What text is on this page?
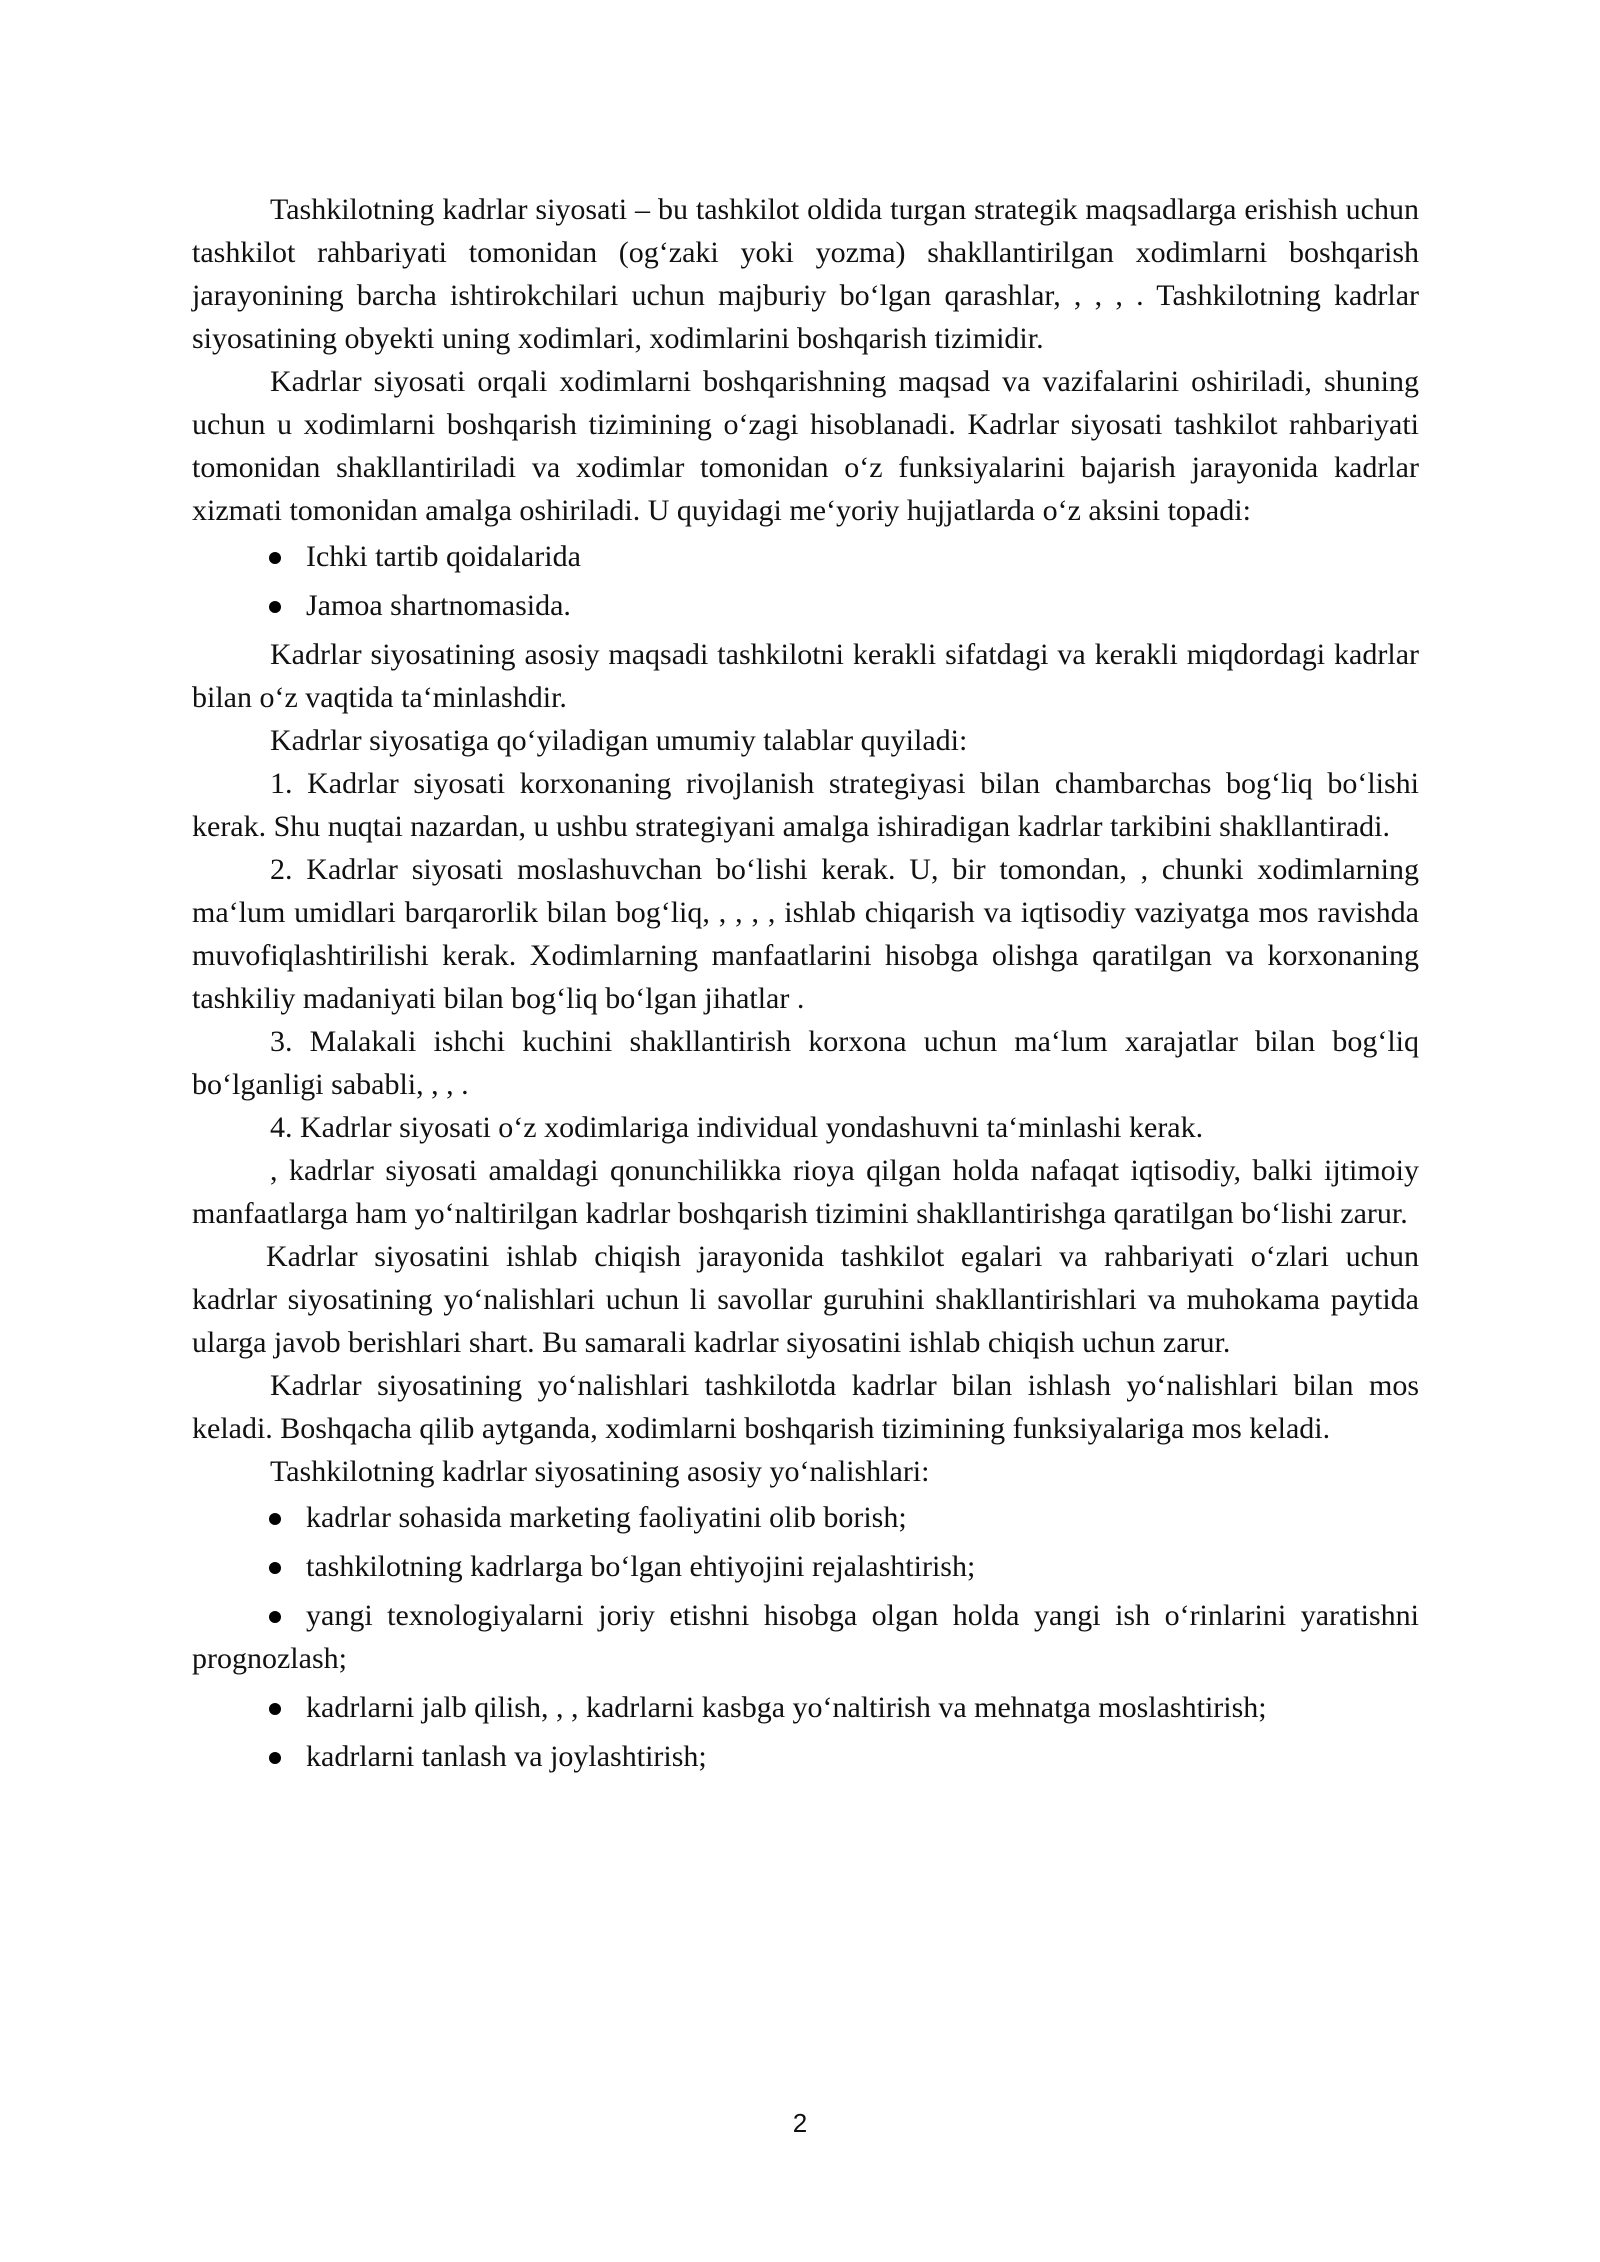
Tashkilotning kadrlar siyosati – bu tashkilot oldida turgan strategik maqsadlarga erishish uchun tashkilot rahbariyati tomonidan (ogʻzaki yoki yozma) shakllantirilgan xodimlarni boshqarish jarayonining barcha ishtirokchilari uchun majburiy boʻlgan qarashlar, , , , . Tashkilotning kadrlar siyosatining obyekti uning xodimlari, xodimlarini boshqarish tizimidir.

Kadrlar siyosati orqali xodimlarni boshqarishning maqsad va vazifalarini oshiriladi, shuning uchun u xodimlarni boshqarish tizimining oʻzagi hisoblanadi. Kadrlar siyosati tashkilot rahbariyati tomonidan shakllantiriladi va xodimlar tomonidan oʻz funksiyalarini bajarish jarayonida kadrlar xizmati tomonidan amalga oshiriladi. U quyidagi meʻyoriy hujjatlarda oʻz aksini topadi:

Ichki tartib qoidalarida
Jamoa shartnomasida.

Kadrlar siyosatining asosiy maqsadi tashkilotni kerakli sifatdagi va kerakli miqdordagi kadrlar bilan oʻz vaqtida taʻminlashdir.

Kadrlar siyosatiga qoʻyiladigan umumiy talablar quyiladi:

1. Kadrlar siyosati korxonaning rivojlanish strategiyasi bilan chambarchas bogʻliq boʻlishi kerak. Shu nuqtai nazardan, u ushbu strategiyani amalga ishiradigan kadrlar tarkibini shakllantiradi.

2. Kadrlar siyosati moslashuvchan boʻlishi kerak. U, bir tomondan, , chunki xodimlarning maʻlum umidlari barqarorlik bilan bogʻliq, , , , , ishlab chiqarish va iqtisodiy vaziyatga mos ravishda muvofiqlashtirilishi kerak. Xodimlarning manfaatlarini hisobga olishga qaratilgan va korxonaning tashkiliy madaniyati bilan bogʻliq boʻlgan jihatlar .

3. Malakali ishchi kuchini shakllantirish korxona uchun maʻlum xarajatlar bilan bogʻliq boʻlganligi sababli, , , .

4. Kadrlar siyosati oʻz xodimlariga individual yondashuvni taʻminlashi kerak.

, kadrlar siyosati amaldagi qonunchilikka rioya qilgan holda nafaqat iqtisodiy, balki ijtimoiy manfaatlarga ham yoʻnaltirilgan kadrlar boshqarish tizimini shakllantirishga qaratilgan boʻlishi zarur.

Kadrlar siyosatini ishlab chiqish jarayonida tashkilot egalari va rahbariyati oʻzlari uchun kadrlar siyosatining yoʻnalishlari uchun li savollar guruhini shakllantirishlari va muhokama paytida ularga javob berishlari shart. Bu samarali kadrlar siyosatini ishlab chiqish uchun zarur.

Kadrlar siyosatining yoʻnalishlari tashkilotda kadrlar bilan ishlash yoʻnalishlari bilan mos keladi. Boshqacha qilib aytganda, xodimlarni boshqarish tizimining funksiyalariga mos keladi.

Tashkilotning kadrlar siyosatining asosiy yoʻnalishlari:

kadrlar sohasida marketing faoliyatini olib borish;
tashkilotning kadrlarga boʻlgan ehtiyojini rejalashtirish;
yangi texnologiyalarni joriy etishni hisobga olgan holda yangi ish oʻrinlarini yaratishni prognozlash;
kadrlarni jalb qilish, , , kadrlarni kasbga yoʻnaltirish va mehnatga moslashtirish;
kadrlarni tanlash va joylashtirish;
2
